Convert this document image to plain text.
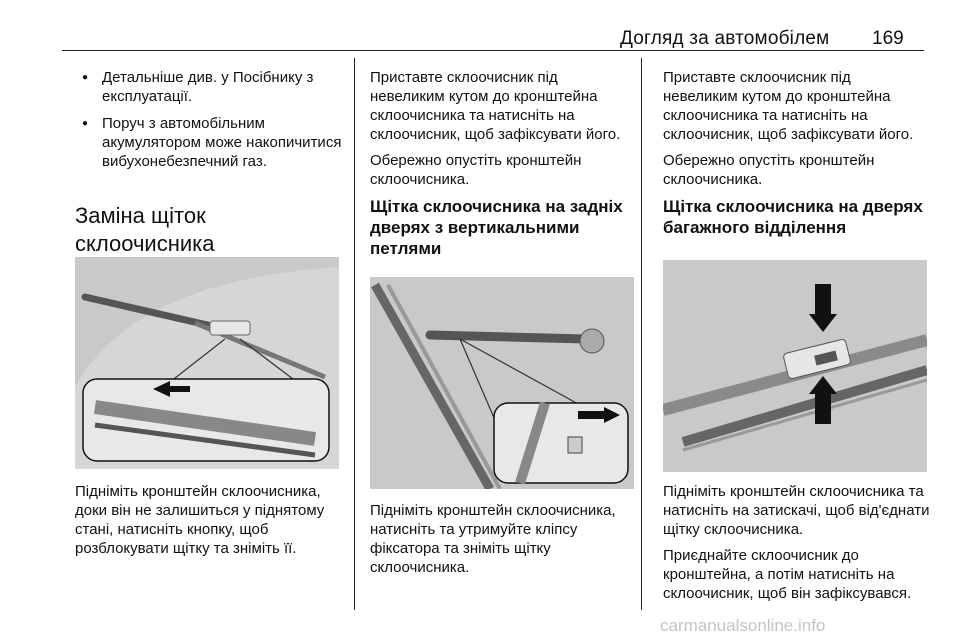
Догляд за автомобілем 169
● Детальніше див. у Посібнику з експлуатації.
● Поруч з автомобільним акумулятором може накопичитися вибухонебезпечний газ.
Заміна щіток склоочисника

Підніміть кронштейн склоочисника, доки він не залишиться у піднятому стані, натисніть кнопку, щоб розблокувати щітку та зніміть її.

Приставте склоочисник під невеликим кутом до кронштейна склоочисника та натисніть на склоочисник, щоб зафіксувати його.

Обережно опустіть кронштейн склоочисника.

Щітка склоочисника на задніх дверях з вертикальними петлями

Підніміть кронштейн склоочисника, натисніть та утримуйте кліпсу фіксатора та зніміть щітку склоочисника.

Приставте склоочисник під невеликим кутом до кронштейна склоочисника та натисніть на склоочисник, щоб зафіксувати його.

Обережно опустіть кронштейн склоочисника.

Щітка склоочисника на дверях багажного відділення

Підніміть кронштейн склоочисника та натисніть на затискачі, щоб від'єднати щітку склоочисника.

Приєднайте склоочисник до кронштейна, а потім натисніть на склоочисник, щоб він зафіксувався.

carmanualsonline.info
